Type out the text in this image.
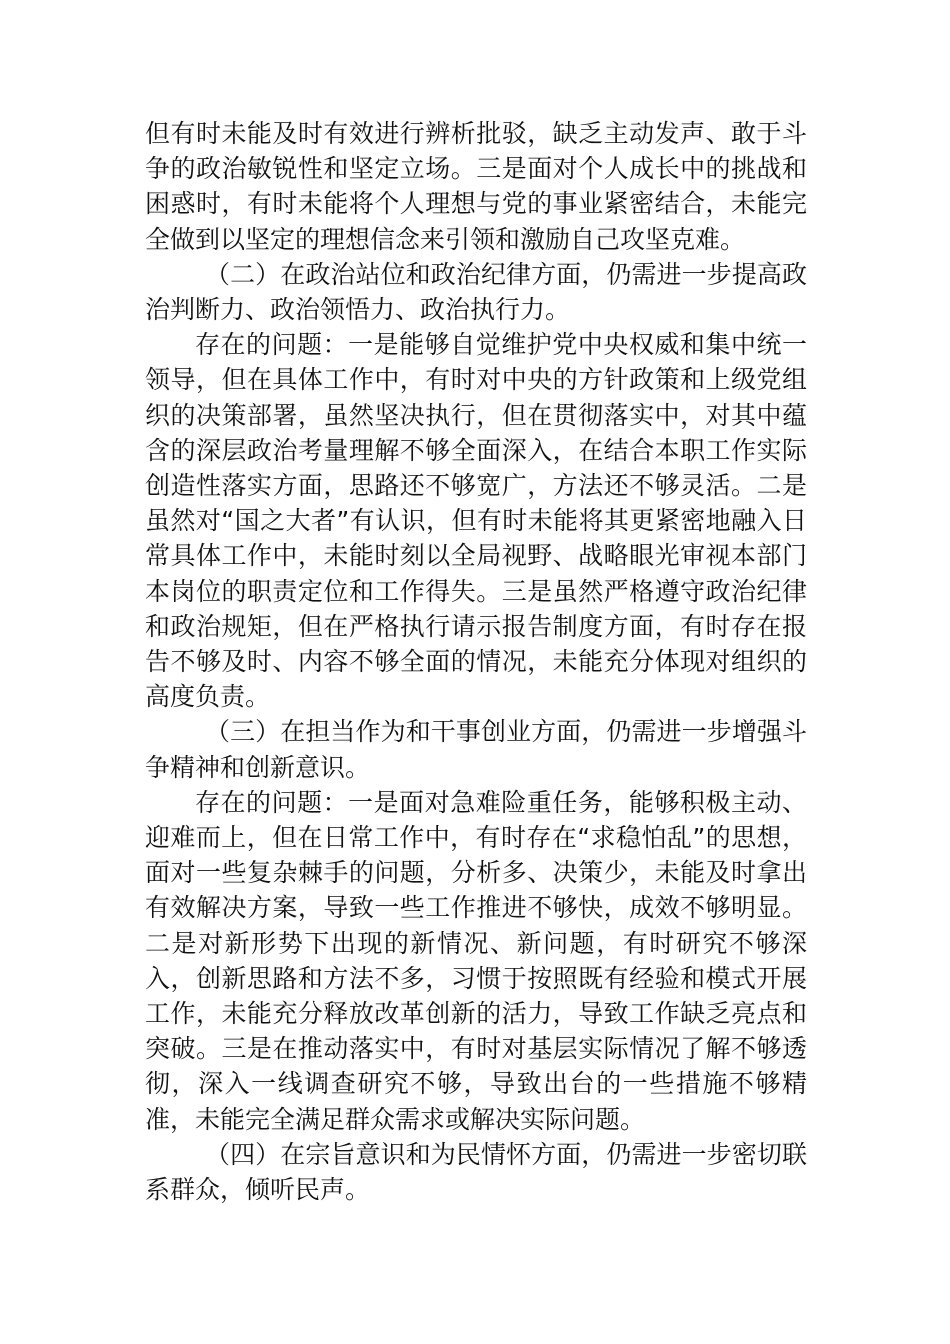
但有时未能及时有效进行辨析批驳，缺乏主动发声、敢于斗争的政治敏锐性和坚定立场。三是面对个人成长中的挑战和困惑时，有时未能将个人理想与党的事业紧密结合，未能完全做到以坚定的理想信念来引领和激励自己攻坚克难。

（二）在政治站位和政治纪律方面，仍需进一步提高政治判断力、政治领悟力、政治执行力。

存在的问题：一是能够自觉维护党中央权威和集中统一领导，但在具体工作中，有时对中央的方针政策和上级党组织的决策部署，虽然坚决执行，但在贯彻落实中，对其中蕴含的深层政治考量理解不够全面深入，在结合本职工作实际创造性落实方面，思路还不够宽广，方法还不够灵活。二是虽然对“国之大者”有认识，但有时未能将其更紧密地融入日常具体工作中，未能时刻以全局视野、战略眼光审视本部门本岗位的职责定位和工作得失。三是虽然严格遵守政治纪律和政治规矩，但在严格执行请示报告制度方面，有时存在报告不够及时、内容不够全面的情况，未能充分体现对组织的高度负责。

（三）在担当作为和干事创业方面，仍需进一步增强斗争精神和创新意识。

存在的问题：一是面对急难险重任务，能够积极主动、迎难而上，但在日常工作中，有时存在“求稳怕乱”的思想，面对一些复杂棘手的问题，分析多、决策少，未能及时拿出有效解决方案，导致一些工作推进不够快，成效不够明显。二是对新形势下出现的新情况、新问题，有时研究不够深入，创新思路和方法不多，习惯于按照既有经验和模式开展工作，未能充分释放改革创新的活力，导致工作缺乏亮点和突破。三是在推动落实中，有时对基层实际情况了解不够透彻，深入一线调查研究不够，导致出台的一些措施不够精准，未能完全满足群众需求或解决实际问题。

（四）在宗旨意识和为民情怀方面，仍需进一步密切联系群众，倾听民声。
